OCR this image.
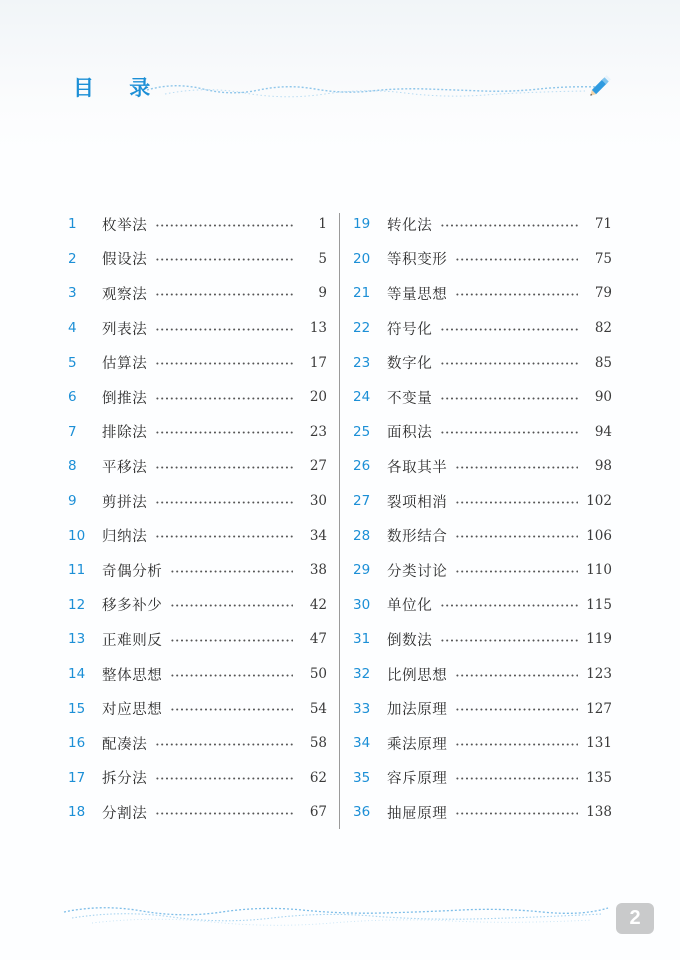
目 录
1	枚举法	1
2	假设法	5
3	观察法	9
4	列表法	13
5	估算法	17
6	倒推法	20
7	排除法	23
8	平移法	27
9	剪拼法	30
10	归纳法	34
11	奇偶分析	38
12	移多补少	42
13	正难则反	47
14	整体思想	50
15	对应思想	54
16	配凑法	58
17	拆分法	62
18	分割法	67
19	转化法	71
20	等积变形	75
21	等量思想	79
22	符号化	82
23	数字化	85
24	不变量	90
25	面积法	94
26	各取其半	98
27	裂项相消	102
28	数形结合	106
29	分类讨论	110
30	单位化	115
31	倒数法	119
32	比例思想	123
33	加法原理	127
34	乘法原理	131
35	容斥原理	135
36	抽屉原理	138
2
